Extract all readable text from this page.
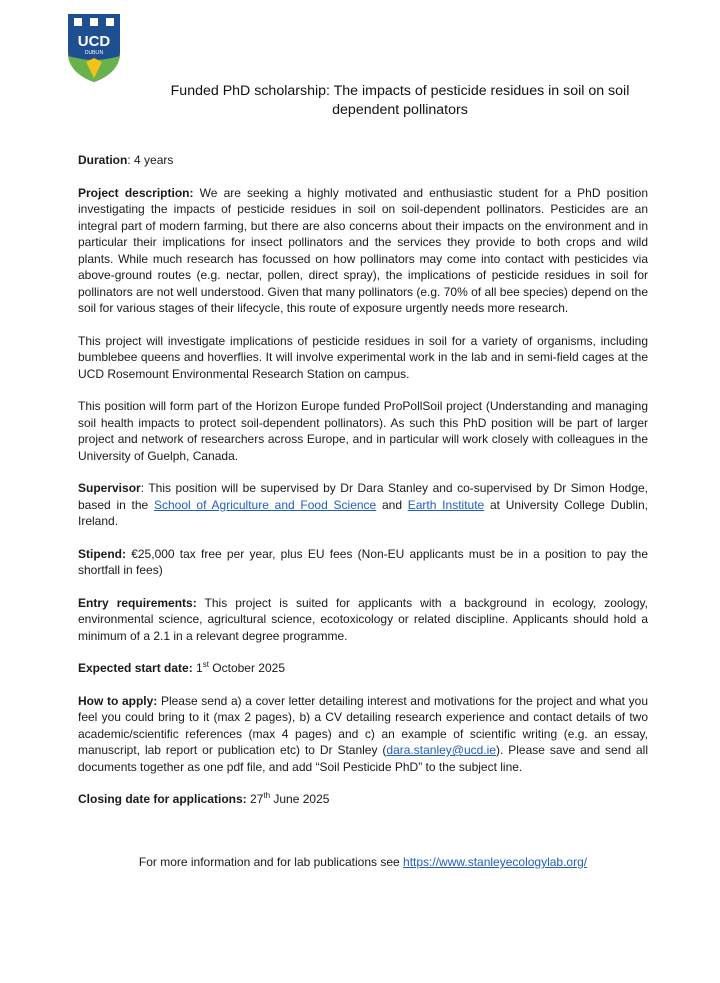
UCD
DUBLIN
Funded PhD scholarship: The impacts of pesticide residues in soil on soil
dependent pollinators

Duration: 4 years

Project description: We are seeking a highly motivated and enthusiastic student for a PhD position investigating the impacts of pesticide residues in soil on soil-dependent pollinators. Pesticides are an integral part of modern farming, but there are also concerns about their impacts on the environment and in particular their implications for insect pollinators and the services they provide to both crops and wild plants. While much research has focussed on how pollinators may come into contact with pesticides via above-ground routes (e.g. nectar, pollen, direct spray), the implications of pesticide residues in soil for pollinators are not well understood. Given that many pollinators (e.g. 70% of all bee species) depend on the soil for various stages of their lifecycle, this route of exposure urgently needs more research.

This project will investigate implications of pesticide residues in soil for a variety of organisms, including bumblebee queens and hoverflies. It will involve experimental work in the lab and in semi-field cages at the UCD Rosemount Environmental Research Station on campus.

This position will form part of the Horizon Europe funded ProPollSoil project (Understanding and managing soil health impacts to protect soil-dependent pollinators). As such this PhD position will be part of larger project and network of researchers across Europe, and in particular will work closely with colleagues in the University of Guelph, Canada.

Supervisor: This position will be supervised by Dr Dara Stanley and co-supervised by Dr Simon Hodge, based in the School of Agriculture and Food Science and Earth Institute at University College Dublin, Ireland.

Stipend: €25,000 tax free per year, plus EU fees (Non-EU applicants must be in a position to pay the shortfall in fees)

Entry requirements: This project is suited for applicants with a background in ecology, zoology, environmental science, agricultural science, ecotoxicology or related discipline. Applicants should hold a minimum of a 2.1 in a relevant degree programme.

Expected start date: 1st October 2025

How to apply: Please send a) a cover letter detailing interest and motivations for the project and what you feel you could bring to it (max 2 pages), b) a CV detailing research experience and contact details of two academic/scientific references (max 4 pages) and c) an example of scientific writing (e.g. an essay, manuscript, lab report or publication etc) to Dr Stanley (dara.stanley@ucd.ie). Please save and send all documents together as one pdf file, and add “Soil Pesticide PhD” to the subject line.

Closing date for applications: 27th June 2025

For more information and for lab publications see https://www.stanleyecologylab.org/
